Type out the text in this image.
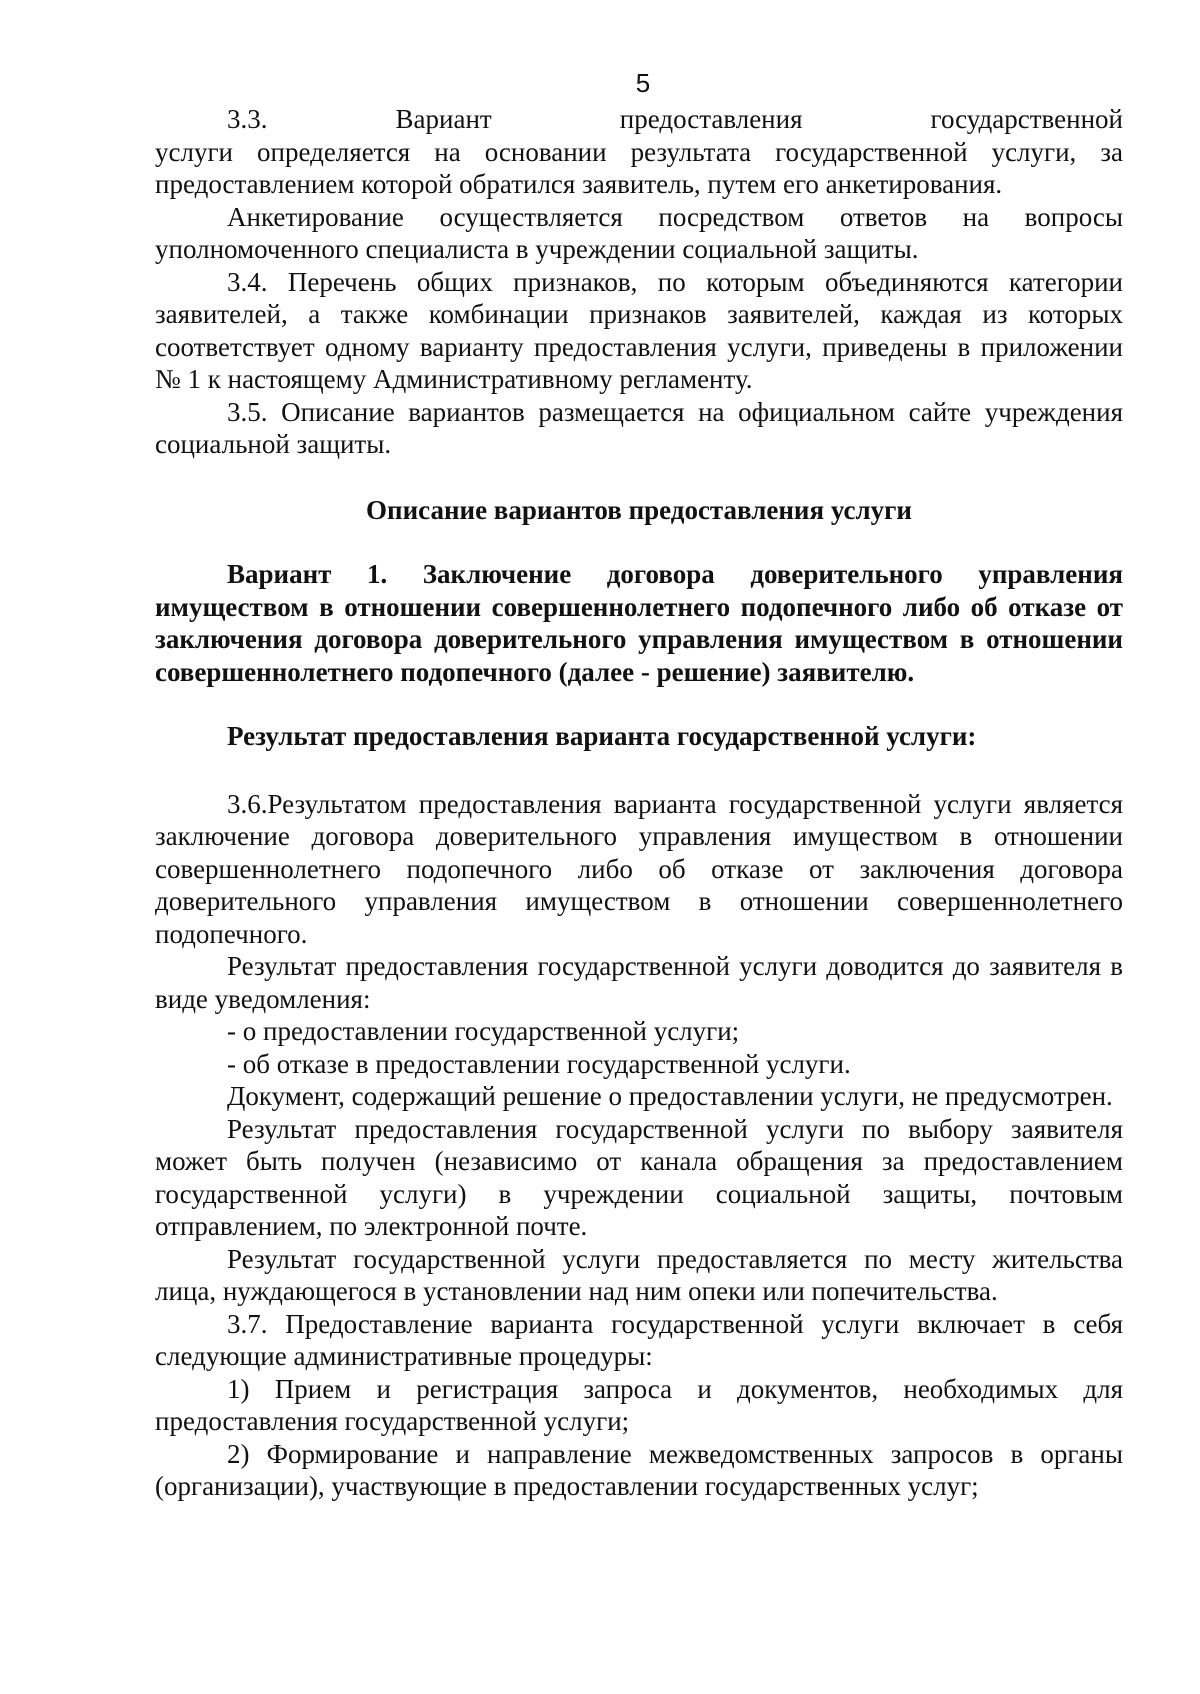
5
3.3.	Вариант	предоставления	государственной

услуги определяется на основании результата государственной услуги, за предоставлением которой обратился заявитель, путем его анкетирования.

Анкетирование осуществляется посредством ответов на вопросы уполномоченного специалиста в учреждении социальной защиты.

3.4. Перечень общих признаков, по которым объединяются категории заявителей, а также комбинации признаков заявителей, каждая из которых соответствует одному варианту предоставления услуги, приведены в приложении № 1 к настоящему Административному регламенту.

3.5. Описание вариантов размещается на официальном сайте учреждения социальной защиты.

Описание вариантов предоставления услуги

Вариант 1. Заключение договора доверительного управления имуществом в отношении совершеннолетнего подопечного либо об отказе от заключения договора доверительного управления имуществом в отношении совершеннолетнего подопечного (далее - решение) заявителю.

Результат предоставления варианта государственной услуги:

3.6.Результатом предоставления варианта государственной услуги является заключение договора доверительного управления имуществом в отношении совершеннолетнего подопечного либо об отказе от заключения договора доверительного управления имуществом в отношении совершеннолетнего подопечного.

Результат предоставления государственной услуги доводится до заявителя в виде уведомления:

- о предоставлении государственной услуги;

- об отказе в предоставлении государственной услуги.

Документ, содержащий решение о предоставлении услуги, не предусмотрен.

Результат предоставления государственной услуги по выбору заявителя может быть получен (независимо от канала обращения за предоставлением государственной услуги) в учреждении социальной защиты, почтовым отправлением, по электронной почте.

Результат государственной услуги предоставляется по месту жительства лица, нуждающегося в установлении над ним опеки или попечительства.

3.7. Предоставление варианта государственной услуги включает в себя следующие административные процедуры:

1) Прием и регистрация запроса и документов, необходимых для предоставления государственной услуги;

2) Формирование и направление межведомственных запросов в органы (организации), участвующие в предоставлении государственных услуг;
